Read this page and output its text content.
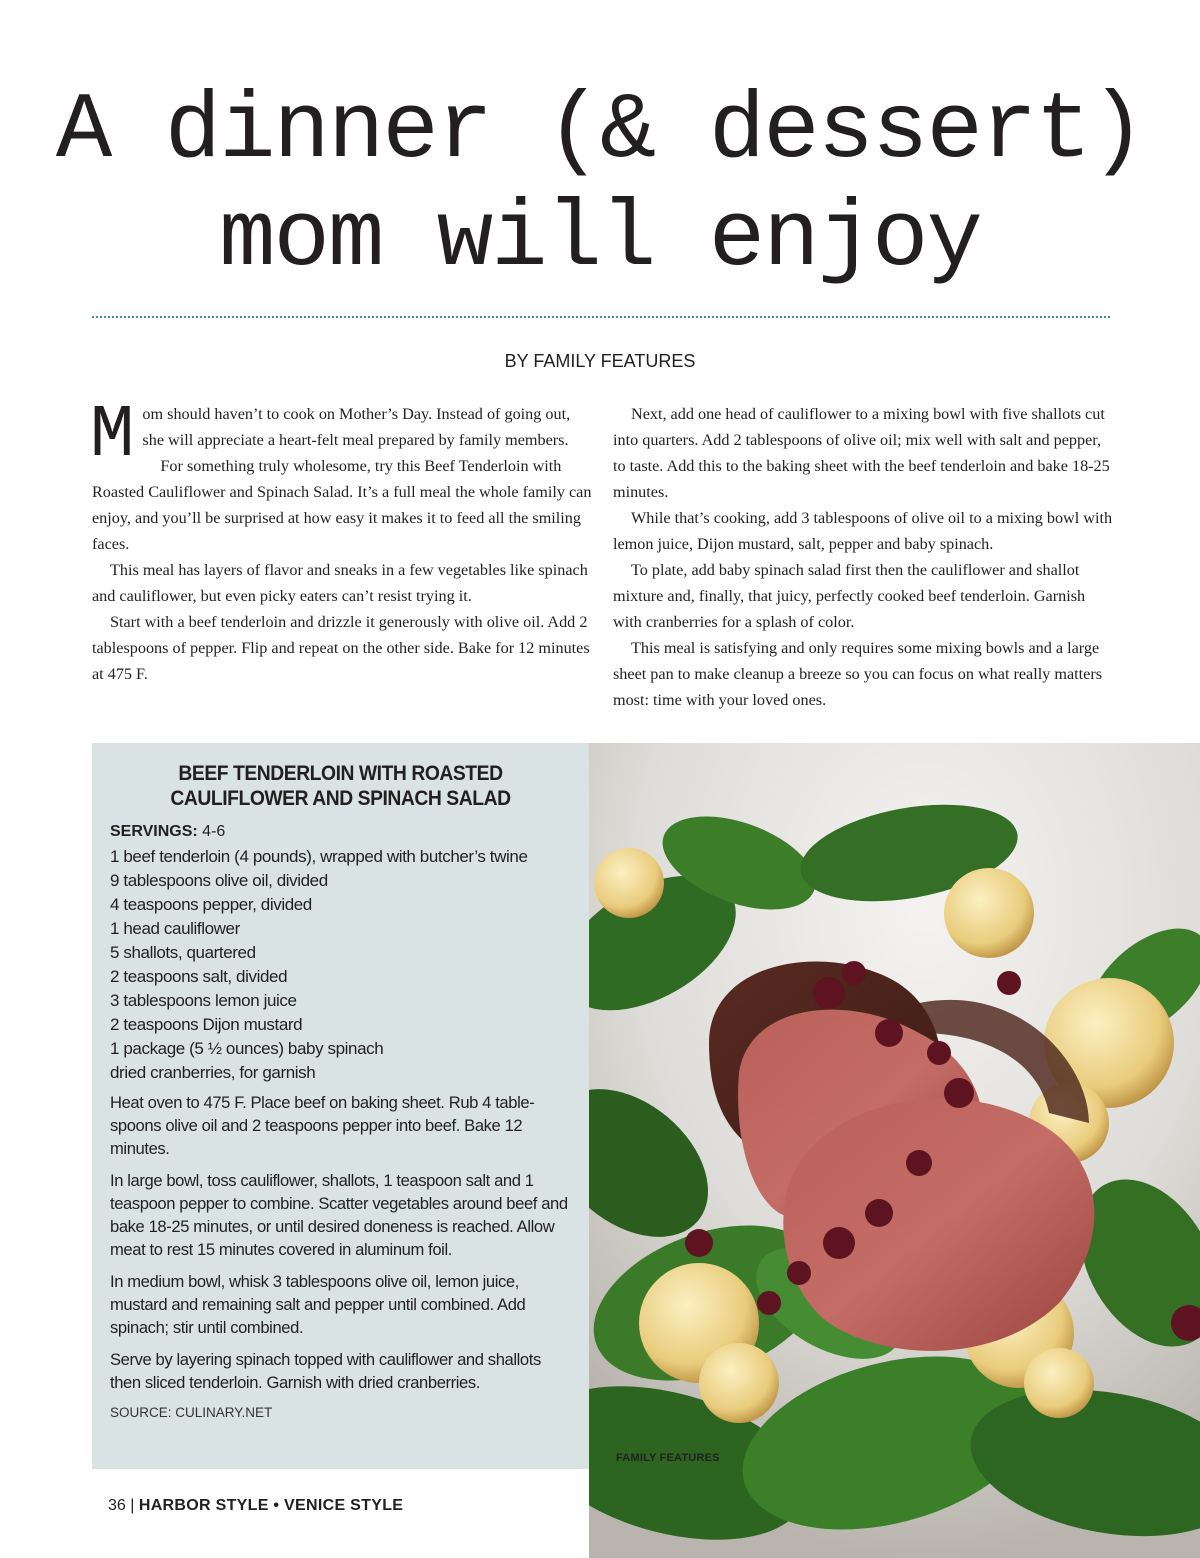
A dinner (& dessert)
mom will enjoy
BY FAMILY FEATURES

Mom should haven’t to cook on Mother’s Day. Instead of going out, she will appreciate a heart-felt meal prepared by family members.

For something truly wholesome, try this Beef Tenderloin with Roasted Cauliflower and Spinach Salad. It’s a full meal the whole family can enjoy, and you’ll be surprised at how easy it makes it to feed all the smiling faces.

This meal has layers of flavor and sneaks in a few vegetables like spinach and cauliflower, but even picky eaters can’t resist trying it.

Start with a beef tenderloin and drizzle it generously with olive oil. Add 2 tablespoons of pepper. Flip and repeat on the other side. Bake for 12 minutes at 475 F.

Next, add one head of cauliflower to a mixing bowl with five shallots cut into quarters. Add 2 tablespoons of olive oil; mix well with salt and pepper, to taste. Add this to the baking sheet with the beef tenderloin and bake 18-25 minutes.

While that’s cooking, add 3 tablespoons of olive oil to a mixing bowl with lemon juice, Dijon mustard, salt, pepper and baby spinach.

To plate, add baby spinach salad first then the cauliflower and shallot mixture and, finally, that juicy, perfectly cooked beef tenderloin. Garnish with cranberries for a splash of color.

This meal is satisfying and only requires some mixing bowls and a large sheet pan to make cleanup a breeze so you can focus on what really matters most: time with your loved ones.

BEEF TENDERLOIN WITH ROASTED
CAULIFLOWER AND SPINACH SALAD
SERVINGS: 4-6
1 beef tenderloin (4 pounds), wrapped with butcher’s twine
9 tablespoons olive oil, divided
4 teaspoons pepper, divided
1 head cauliflower
5 shallots, quartered
2 teaspoons salt, divided
3 tablespoons lemon juice
2 teaspoons Dijon mustard
1 package (5 ½ ounces) baby spinach
dried cranberries, for garnish

Heat oven to 475 F. Place beef on baking sheet. Rub 4 table-spoons olive oil and 2 teaspoons pepper into beef. Bake 12 minutes.

In large bowl, toss cauliflower, shallots, 1 teaspoon salt and 1 teaspoon pepper to combine. Scatter vegetables around beef and bake 18-25 minutes, or until desired doneness is reached. Allow meat to rest 15 minutes covered in aluminum foil.

In medium bowl, whisk 3 tablespoons olive oil, lemon juice, mustard and remaining salt and pepper until combined. Add spinach; stir until combined.

Serve by layering spinach topped with cauliflower and shallots then sliced tenderloin. Garnish with dried cranberries.

SOURCE: CULINARY.NET
FAMILY FEATURES
36 | HARBOR STYLE • VENICE STYLE
